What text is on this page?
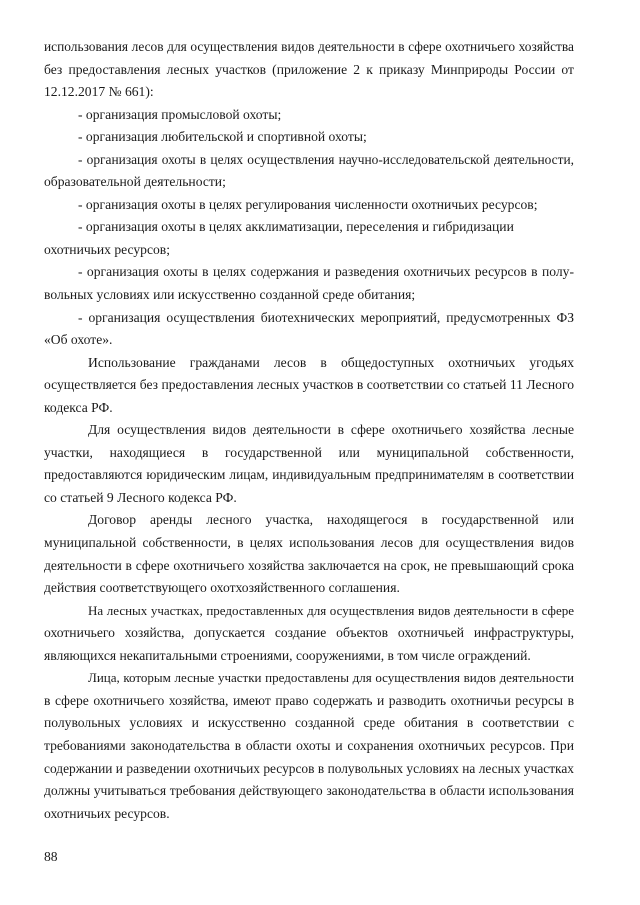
использования лесов для осуществления видов деятельности в сфере охотничьего хозяйства
без предоставления лесных участков (приложение 2 к приказу Минприроды России от
12.12.2017 № 661):
- организация промысловой охоты;
- организация любительской и спортивной охоты;
- организация охоты в целях осуществления научно-исследовательской деятельности,
образовательной деятельности;
- организация охоты в целях регулирования численности охотничьих ресурсов;
- организация охоты в целях акклиматизации, переселения и гибридизации
охотничьих ресурсов;
- организация охоты в целях содержания и разведения охотничьих ресурсов в полу-
вольных условиях или искусственно созданной среде обитания;
- организация осуществления биотехнических мероприятий, предусмотренных ФЗ
«Об охоте».
Использование гражданами лесов в общедоступных охотничьих угодьях
осуществляется без предоставления лесных участков в соответствии со статьей 11 Лесного
кодекса РФ.
Для осуществления видов деятельности в сфере охотничьего хозяйства лесные
участки, находящиеся в государственной или муниципальной собственности,
предоставляются юридическим лицам, индивидуальным предпринимателям в соответствии
со статьей 9 Лесного кодекса РФ.
Договор аренды лесного участка, находящегося в государственной или
муниципальной собственности, в целях использования лесов для осуществления видов
деятельности в сфере охотничьего хозяйства заключается на срок, не превышающий срока
действия соответствующего охотхозяйственного соглашения.
На лесных участках, предоставленных для осуществления видов деятельности в сфере
охотничьего хозяйства, допускается создание объектов охотничьей инфраструктуры,
являющихся некапитальными строениями, сооружениями, в том числе ограждений.
Лица, которым лесные участки предоставлены для осуществления видов деятельности
в сфере охотничьего хозяйства, имеют право содержать и разводить охотничьи ресурсы в
полувольных условиях и искусственно созданной среде обитания в соответствии с
требованиями законодательства в области охоты и сохранения охотничьих ресурсов. При
содержании и разведении охотничьих ресурсов в полувольных условиях на лесных участках
должны учитываться требования действующего законодательства в области использования
охотничьих ресурсов.
88
